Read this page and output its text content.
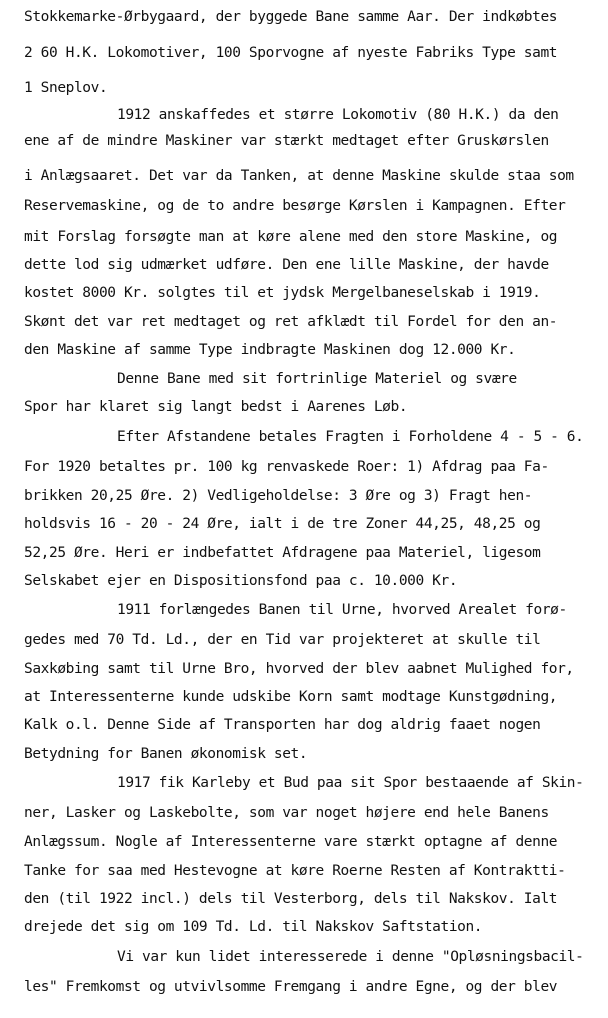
Stokkemarke-Ørbygaard, der byggede Bane samme Aar. Der indkøbtes
2 60 H.K. Lokomotiver, 100 Sporvogne af nyeste Fabriks Type samt
1 Sneplov.
1912 anskaffedes et større Lokomotiv (80 H.K.) da den
ene af de mindre Maskiner var stærkt medtaget efter Gruskørslen
i Anlægsaaret. Det var da Tanken, at denne Maskine skulde staa som
Reservemaskine, og de to andre besørge Kørslen i Kampagnen. Efter
mit Forslag forsøgte man at køre alene med den store Maskine, og
dette lod sig udmærket udføre. Den ene lille Maskine, der havde
kostet 8000 Kr. solgtes til et jydsk Mergelbaneselskab i 1919.
Skønt det var ret medtaget og ret afklædt til Fordel for den an-
den Maskine af samme Type indbragte Maskinen dog 12.000 Kr.
Denne Bane med sit fortrinlige Materiel og svære
Spor har klaret sig langt bedst i Aarenes Løb.
Efter Afstandene betales Fragten i Forholdene 4 - 5 - 6.
For 1920 betaltes pr. 100 kg renvaskede Roer: 1) Afdrag paa Fa-
brikken 20,25 Øre. 2) Vedligeholdelse: 3 Øre og 3) Fragt hen-
holdsvis 16 - 20 - 24 Øre, ialt i de tre Zoner 44,25, 48,25 og
52,25 Øre. Heri er indbefattet Afdragene paa Materiel, ligesom
Selskabet ejer en Dispositionsfond paa c. 10.000 Kr.
1911 forlængedes Banen til Urne, hvorved Arealet forø-
gedes med 70 Td. Ld., der en Tid var projekteret at skulle til
Saxkøbing samt til Urne Bro, hvorved der blev aabnet Mulighed for,
at Interessenterne kunde udskibe Korn samt modtage Kunstgødning,
Kalk o.l. Denne Side af Transporten har dog aldrig faaet nogen
Betydning for Banen økonomisk set.
1917 fik Karleby et Bud paa sit Spor bestaaende af Skin-
ner, Lasker og Laskebolte, som var noget højere end hele Banens
Anlægssum. Nogle af Interessenterne vare stærkt optagne af denne
Tanke for saa med Hestevogne at køre Roerne Resten af Kontraktti-
den (til 1922 incl.) dels til Vesterborg, dels til Nakskov. Ialt
drejede det sig om 109 Td. Ld. til Nakskov Saftstation.
Vi var kun lidet interesserede i denne "Opløsningsbacil-
les" Fremkomst og utvivlsomme Fremgang i andre Egne, og der blev
